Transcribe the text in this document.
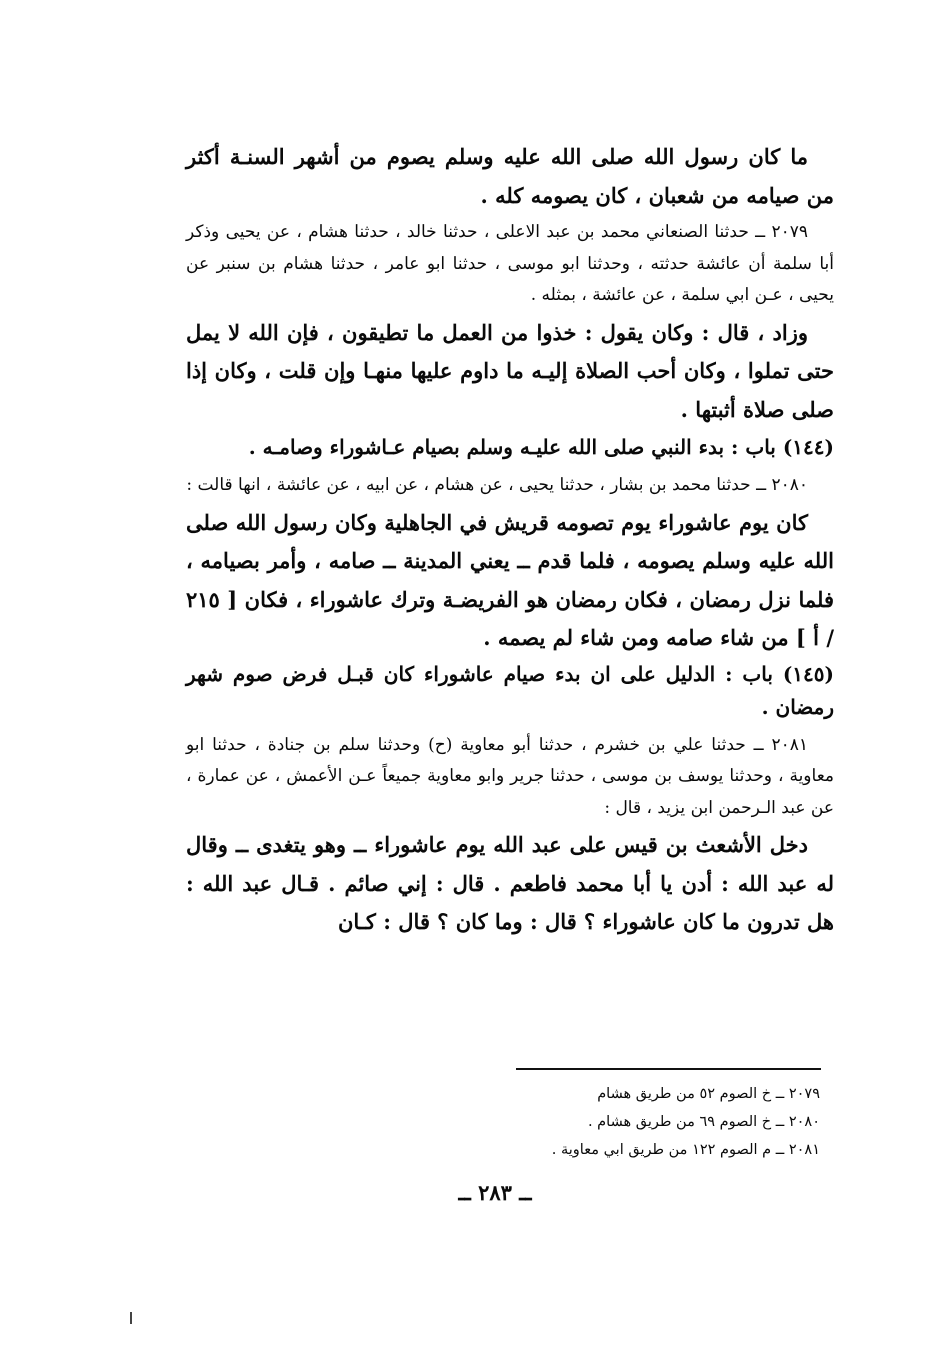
ما كان رسول الله صلى الله عليه وسلم يصوم من أشهر السنـة أكثر من صيامه من شعبان ، كان يصومه كله .

٢٠٧٩ ــ حدثنا الصنعاني محمد بن عبد الاعلى ، حدثنا خالد ، حدثنا هشام ، عن يحيى وذكر أبا سلمة أن عائشة حدثته ، وحدثنا ابو موسى ، حدثنا ابو عامر ، حدثنا هشام بن سنبر عن يحيى ، عـن ابي سلمة ، عن عائشة ، بمثله .

وزاد ، قال : وكان يقول : خذوا من العمل ما تطيقون ، فإن الله لا يمل حتى تملوا ، وكان أحب الصلاة إليـه ما داوم عليها منهـا وإن قلت ، وكان إذا صلى صلاة أثبتها .

(١٤٤) باب : بدء النبي صلى الله عليـه وسلم بصيام عـاشوراء وصامـه .

٢٠٨٠ ــ حدثنا محمد بن بشار ، حدثنا يحيى ، عن هشام ، عن ابيه ، عن عائشة ، انها قالت :

كان يوم عاشوراء يوم تصومه قريش في الجاهلية وكان رسول الله صلى الله عليه وسلم يصومه ، فلما قدم ــ يعني المدينة ــ صامه ، وأمر بصيامه ، فلما نزل رمضان ، فكان رمضان هو الفريضـة وترك عاشوراء ، فكان [ ٢١٥ / أ ] من شاء صامه ومن شاء لم يصمه .

(١٤٥) باب : الدليل على ان بدء صيام عاشوراء كان قبـل فرض صوم شهر رمضان .

٢٠٨١ ــ حدثنا علي بن خشرم ، حدثنا أبو معاوية (ح) وحدثنا سلم بن جنادة ، حدثنا ابو معاوية ، وحدثنا يوسف بن موسى ، حدثنا جرير وابو معاوية جميعاً عـن الأعمش ، عن عمارة ، عن عبد الـرحمن ابن يزيد ، قال :

دخل الأشعث بن قيس على عبد الله يوم عاشوراء ــ وهو يتغدى ــ وقال له عبد الله : أدن يا أبا محمد فاطعم . قال : إني صائم . قـال عبد الله : هل تدرون ما كان عاشوراء ؟ قال : وما كان ؟ قال : كـان

٢٠٧٩ ــ خ الصوم ٥٢ من طريق هشام

٢٠٨٠ ــ خ الصوم ٦٩ من طريق هشام .

٢٠٨١ ــ م الصوم ١٢٢ من طريق ابي معاوية .

ــ ٢٨٣ ــ
